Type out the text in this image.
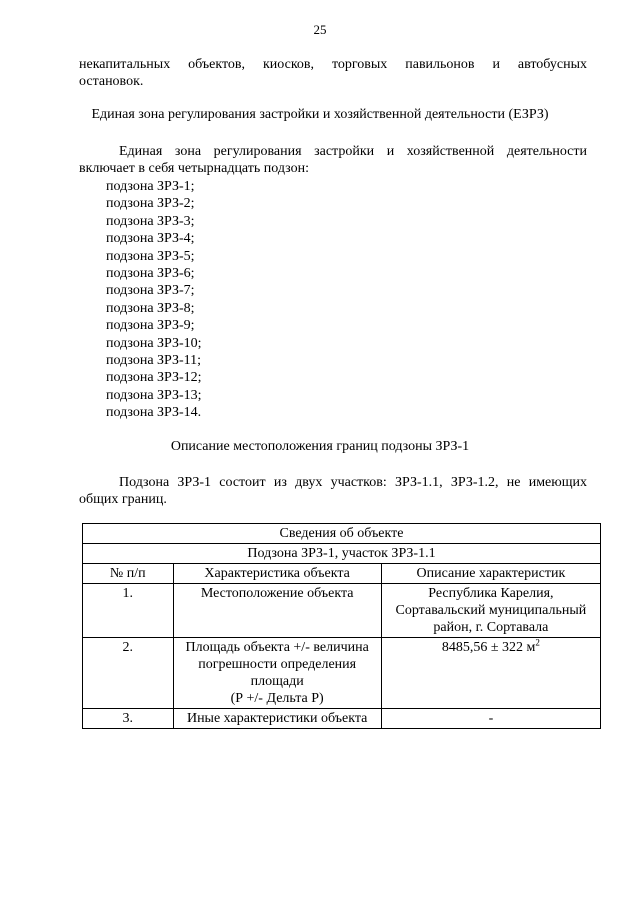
25
некапитальных объектов, киосков, торговых павильонов и автобусных
остановок.
Единая зона регулирования застройки и хозяйственной деятельности (ЕЗРЗ)
Единая зона регулирования застройки и хозяйственной деятельности
включает в себя четырнадцать подзон:
подзона ЗРЗ-1;
подзона ЗРЗ-2;
подзона ЗРЗ-3;
подзона ЗРЗ-4;
подзона ЗРЗ-5;
подзона ЗРЗ-6;
подзона ЗРЗ-7;
подзона ЗРЗ-8;
подзона ЗРЗ-9;
подзона ЗРЗ-10;
подзона ЗРЗ-11;
подзона ЗРЗ-12;
подзона ЗРЗ-13;
подзона ЗРЗ-14.
Описание местоположения границ подзоны ЗРЗ-1
Подзона ЗРЗ-1 состоит из двух участков: ЗРЗ-1.1, ЗРЗ-1.2, не имеющих
общих границ.
Сведения об объекте		
Подзона ЗРЗ-1, участок ЗРЗ-1.1		
№ п/п	Характеристика объекта	Описание характеристик
1.	Местоположение объекта	Республика Карелия, Сортавальский муниципальный район, г. Сортавала
2.	Площадь объекта +/- величина
погрешности определения
площади
(Р +/- Дельта Р)	8485,56 ± 322 $м^2$
3.	Иные характеристики объекта	-
